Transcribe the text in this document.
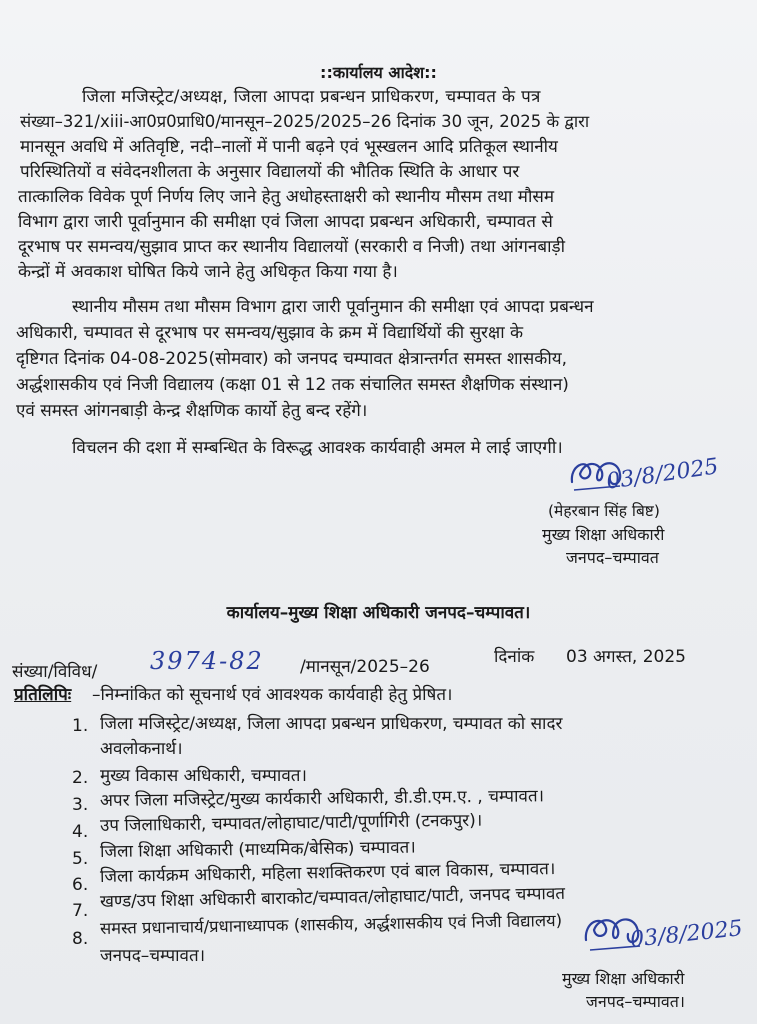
::कार्यालय आदेश::
जिला मजिस्ट्रेट/अध्यक्ष, जिला आपदा प्रबन्धन प्राधिकरण, चम्पावत के पत्र
संख्या–321/xiii-आ0प्र0प्राधि0/मानसून–2025/2025–26 दिनांक 30 जून, 2025 के द्वारा
मानसून अवधि में अतिवृष्टि, नदी–नालों में पानी बढ़ने एवं भूस्खलन आदि प्रतिकूल स्थानीय
परिस्थितियों व संवेदनशीलता के अनुसार विद्यालयों की भौतिक स्थिति के आधार पर
तात्कालिक विवेक पूर्ण निर्णय लिए जाने हेतु अधोहस्ताक्षरी को स्थानीय मौसम तथा मौसम
विभाग द्वारा जारी पूर्वानुमान की समीक्षा एवं जिला आपदा प्रबन्धन अधिकारी, चम्पावत से
दूरभाष पर समन्वय/सुझाव प्राप्त कर स्थानीय विद्यालयों (सरकारी व निजी) तथा आंगनबाड़ी
केन्द्रों में अवकाश घोषित किये जाने हेतु अधिकृत किया गया है।
स्थानीय मौसम तथा मौसम विभाग द्वारा जारी पूर्वानुमान की समीक्षा एवं आपदा प्रबन्धन
अधिकारी, चम्पावत से दूरभाष पर समन्वय/सुझाव के क्रम में विद्यार्थियों की सुरक्षा के
दृष्टिगत दिनांक 04-08-2025(सोमवार) को जनपद चम्पावत क्षेत्रान्तर्गत समस्त शासकीय,
अर्द्धशासकीय एवं निजी विद्यालय (कक्षा 01 से 12 तक संचालित समस्त शैक्षणिक संस्थान)
एवं समस्त आंगनबाड़ी केन्द्र शैक्षणिक कार्यो हेतु बन्द रहेंगे।
विचलन की दशा में सम्बन्धित के विरूद्ध आवश्क कार्यवाही अमल मे लाई जाएगी।
03/8/2025
(मेहरबान सिंह बिष्ट)
मुख्य शिक्षा अधिकारी
जनपद–चम्पावत
कार्यालय–मुख्य शिक्षा अधिकारी जनपद–चम्पावत।
संख्या/विविध/ 3974-82 /मानसून/2025–26	दिनांक 03 अगस्त, 2025
प्रतिलिपिः –निम्नांकित को सूचनार्थ एवं आवश्यक कार्यवाही हेतु प्रेषित।
1. जिला मजिस्ट्रेट/अध्यक्ष, जिला आपदा प्रबन्धन प्राधिकरण, चम्पावत को सादर
अवलोकनार्थ।
2. मुख्य विकास अधिकारी, चम्पावत।
3. अपर जिला मजिस्ट्रेट/मुख्य कार्यकारी अधिकारी, डी.डी.एम.ए. , चम्पावत।
4. उप जिलाधिकारी, चम्पावत/लोहाघाट/पाटी/पूर्णागिरी (टनकपुर)।
5. जिला शिक्षा अधिकारी (माध्यमिक/बेसिक) चम्पावत।
6. जिला कार्यक्रम अधिकारी, महिला सशक्तिकरण एवं बाल विकास, चम्पावत।
7. खण्ड/उप शिक्षा अधिकारी बाराकोट/चम्पावत/लोहाघाट/पाटी, जनपद चम्पावत
8.
समस्त प्रधानाचार्य/प्रधानाध्यापक (शासकीय, अर्द्धशासकीय एवं निजी विद्यालय)
जनपद–चम्पावत।
03/8/2025
मुख्य शिक्षा अधिकारी
जनपद–चम्पावत।
